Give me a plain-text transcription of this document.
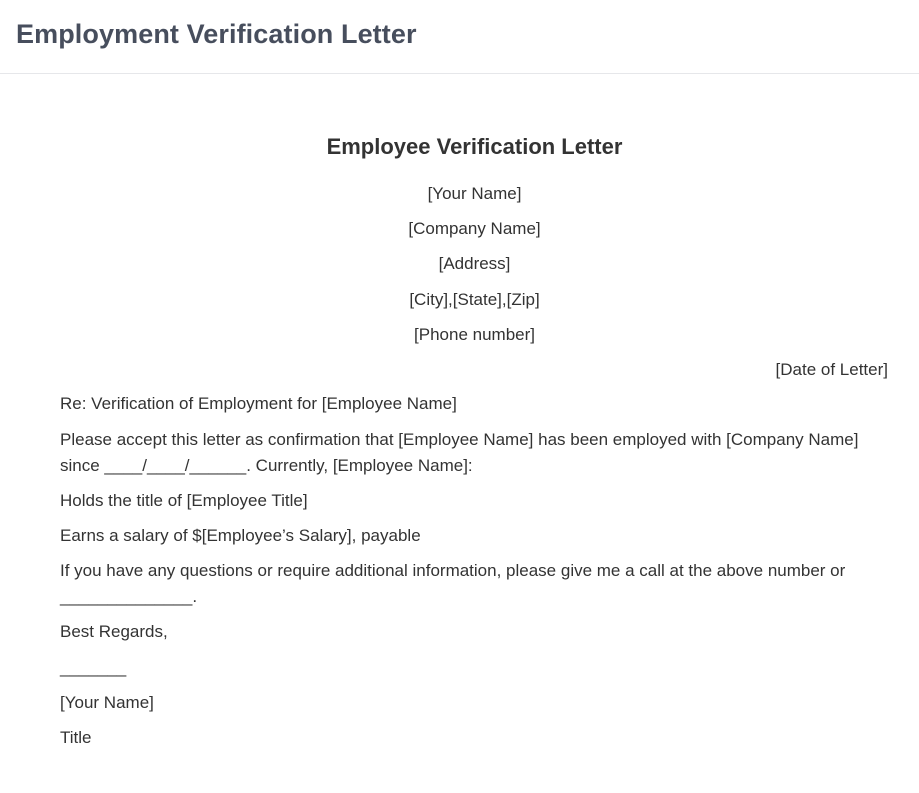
Employment Verification Letter
Employee Verification Letter
[Your Name]
[Company Name]
[Address]
[City],[State],[Zip]
[Phone number]
[Date of Letter]
Re: Verification of Employment for [Employee Name]
Please accept this letter as confirmation that [Employee Name] has been employed with [Company Name] since ____/____/______. Currently, [Employee Name]:
Holds the title of [Employee Title]
Earns a salary of $[Employee’s Salary], payable
If you have any questions or require additional information, please give me a call at the above number or ______________.
Best Regards,
_______
[Your Name]
Title
